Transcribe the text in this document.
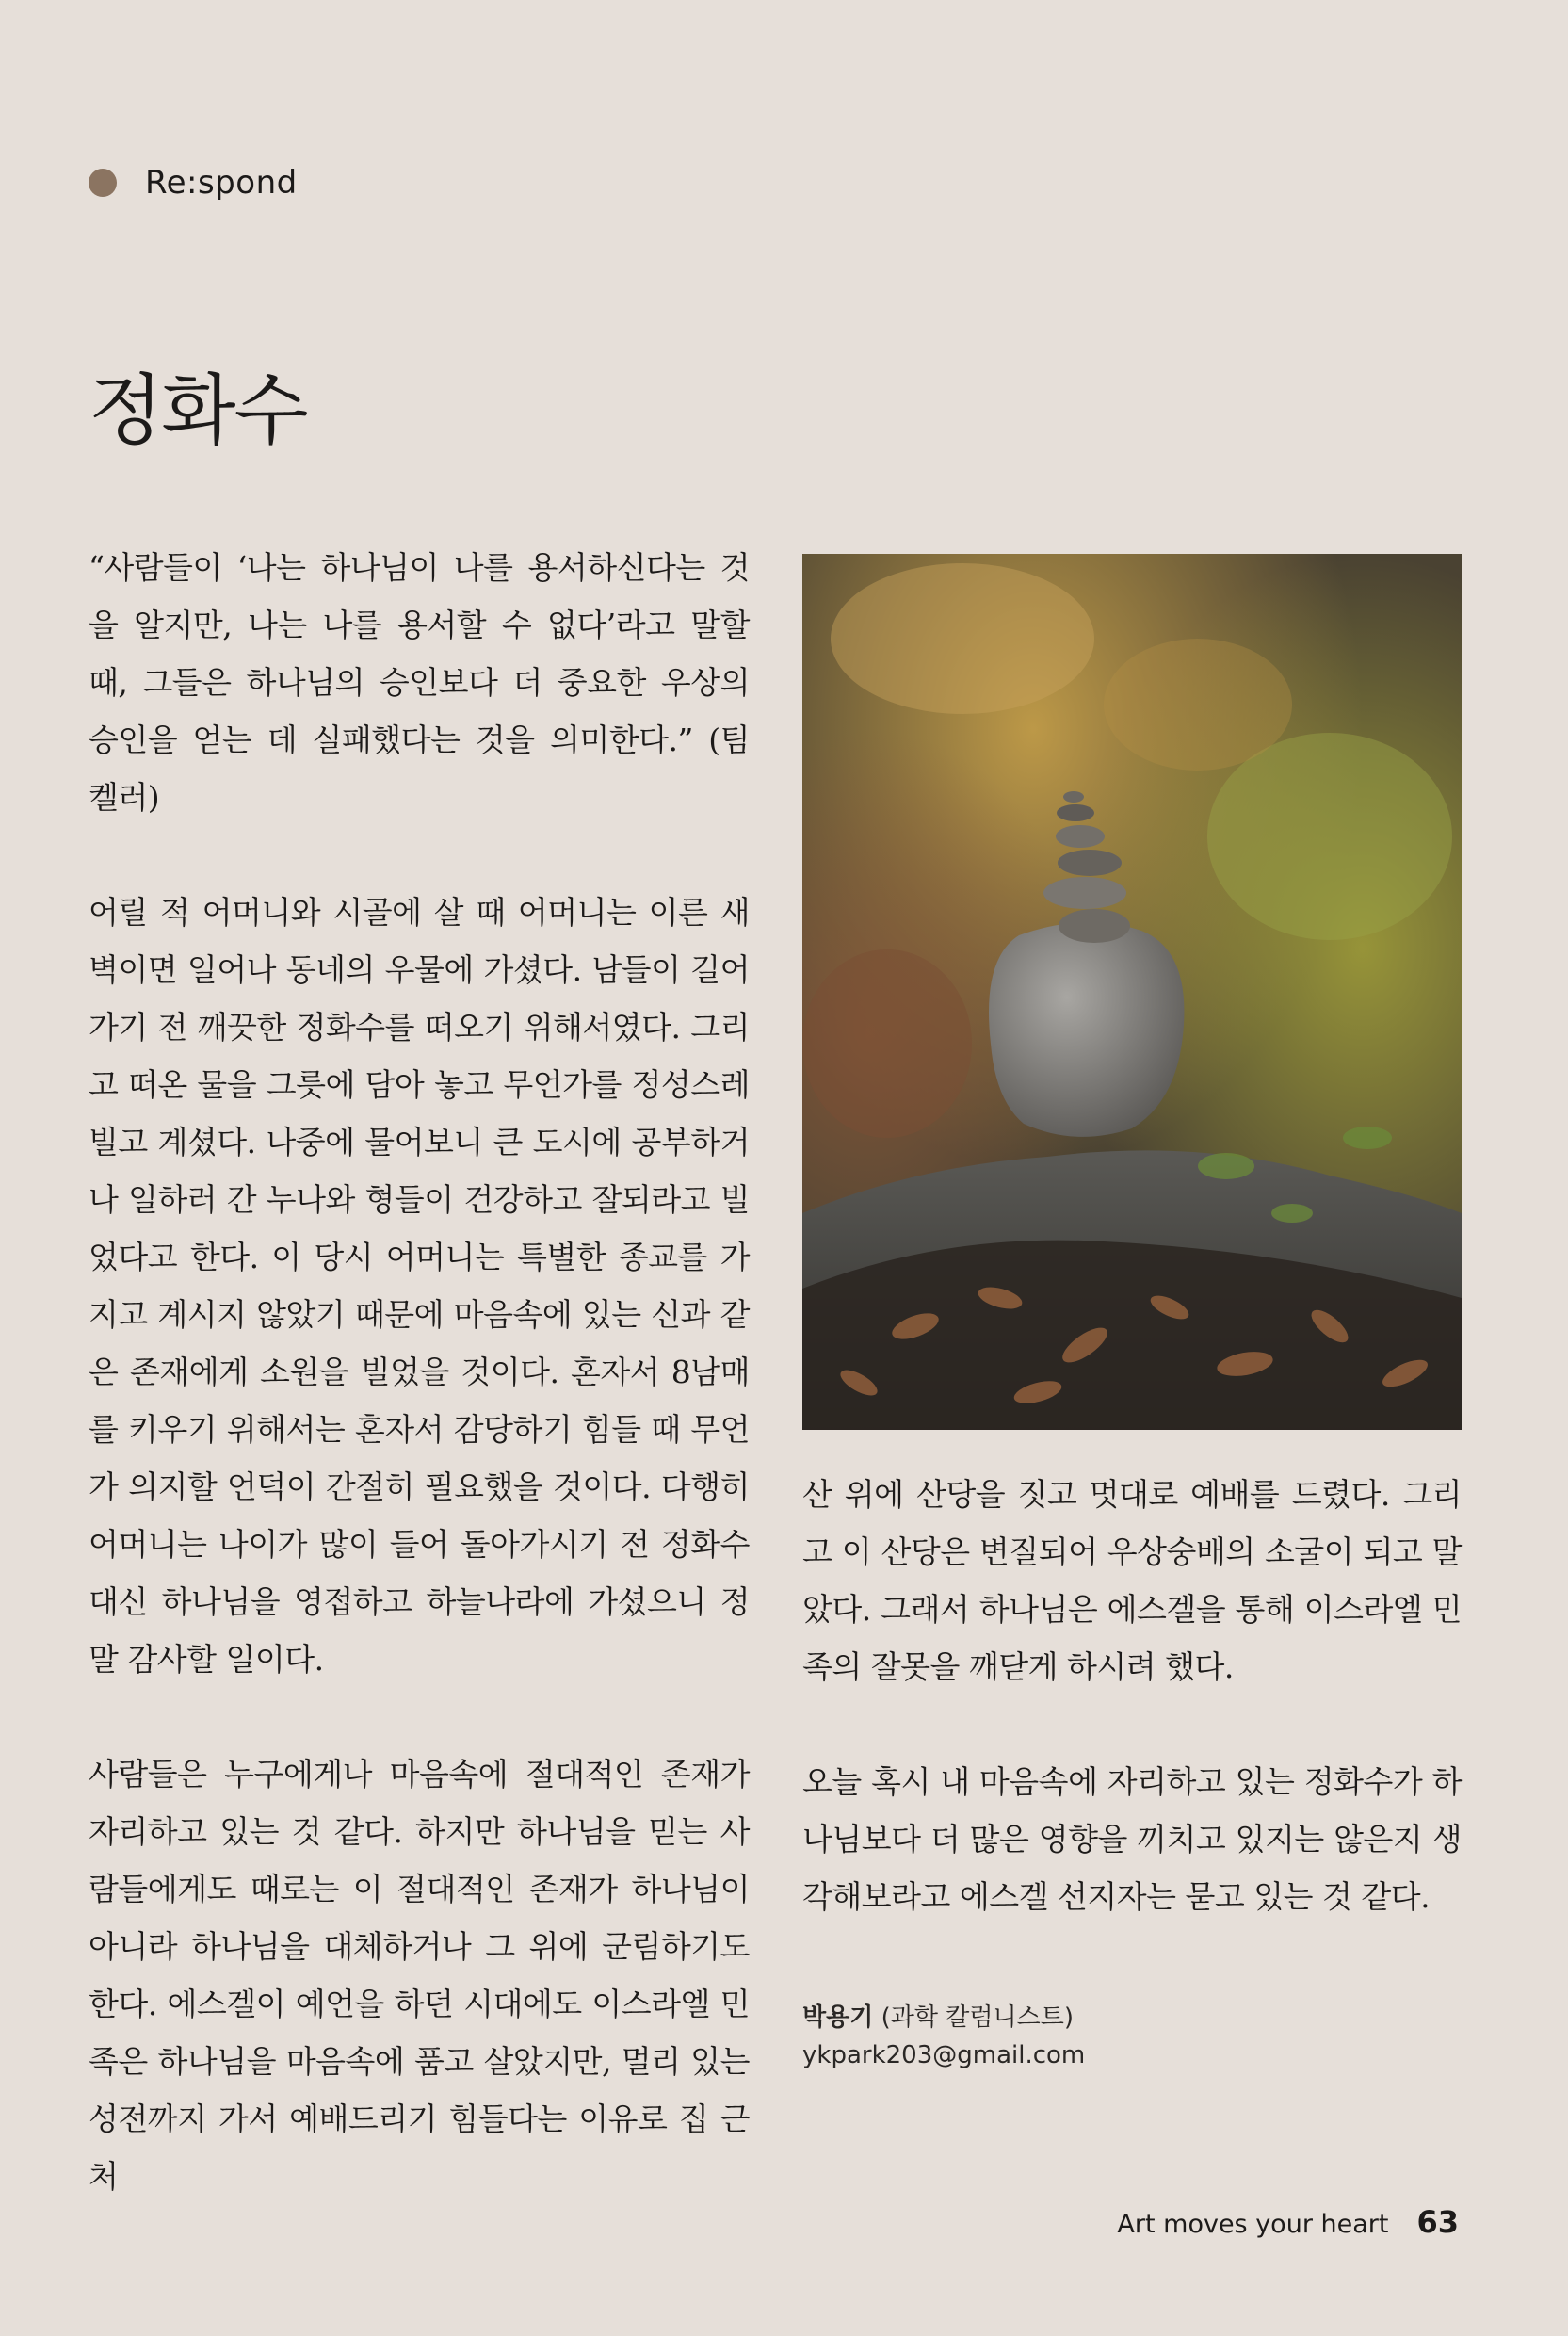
Re:spond
정화수

“사람들이 ‘나는 하나님이 나를 용서하신다는 것을 알지만, 나는 나를 용서할 수 없다’라고 말할 때, 그들은 하나님의 승인보다 더 중요한 우상의 승인을 얻는 데 실패했다는 것을 의미한다.” (팀 켈러)

어릴 적 어머니와 시골에 살 때 어머니는 이른 새벽이면 일어나 동네의 우물에 가셨다. 남들이 길어 가기 전 깨끗한 정화수를 떠오기 위해서였다. 그리고 떠온 물을 그릇에 담아 놓고 무언가를 정성스레 빌고 계셨다. 나중에 물어보니 큰 도시에 공부하거나 일하러 간 누나와 형들이 건강하고 잘되라고 빌었다고 한다. 이 당시 어머니는 특별한 종교를 가지고 계시지 않았기 때문에 마음속에 있는 신과 같은 존재에게 소원을 빌었을 것이다. 혼자서 8남매를 키우기 위해서는 혼자서 감당하기 힘들 때 무언가 의지할 언덕이 간절히 필요했을 것이다. 다행히 어머니는 나이가 많이 들어 돌아가시기 전 정화수 대신 하나님을 영접하고 하늘나라에 가셨으니 정말 감사할 일이다.

사람들은 누구에게나 마음속에 절대적인 존재가 자리하고 있는 것 같다. 하지만 하나님을 믿는 사람들에게도 때로는 이 절대적인 존재가 하나님이 아니라 하나님을 대체하거나 그 위에 군림하기도 한다. 에스겔이 예언을 하던 시대에도 이스라엘 민족은 하나님을 마음속에 품고 살았지만, 멀리 있는 성전까지 가서 예배드리기 힘들다는 이유로 집 근처

산 위에 산당을 짓고 멋대로 예배를 드렸다. 그리고 이 산당은 변질되어 우상숭배의 소굴이 되고 말았다. 그래서 하나님은 에스겔을 통해 이스라엘 민족의 잘못을 깨닫게 하시려 했다.

오늘 혹시 내 마음속에 자리하고 있는 정화수가 하나님보다 더 많은 영향을 끼치고 있지는 않은지 생각해보라고 에스겔 선지자는 묻고 있는 것 같다.

박용기 (과학 칼럼니스트)
ykpark203@gmail.com
Art moves your heart 63
